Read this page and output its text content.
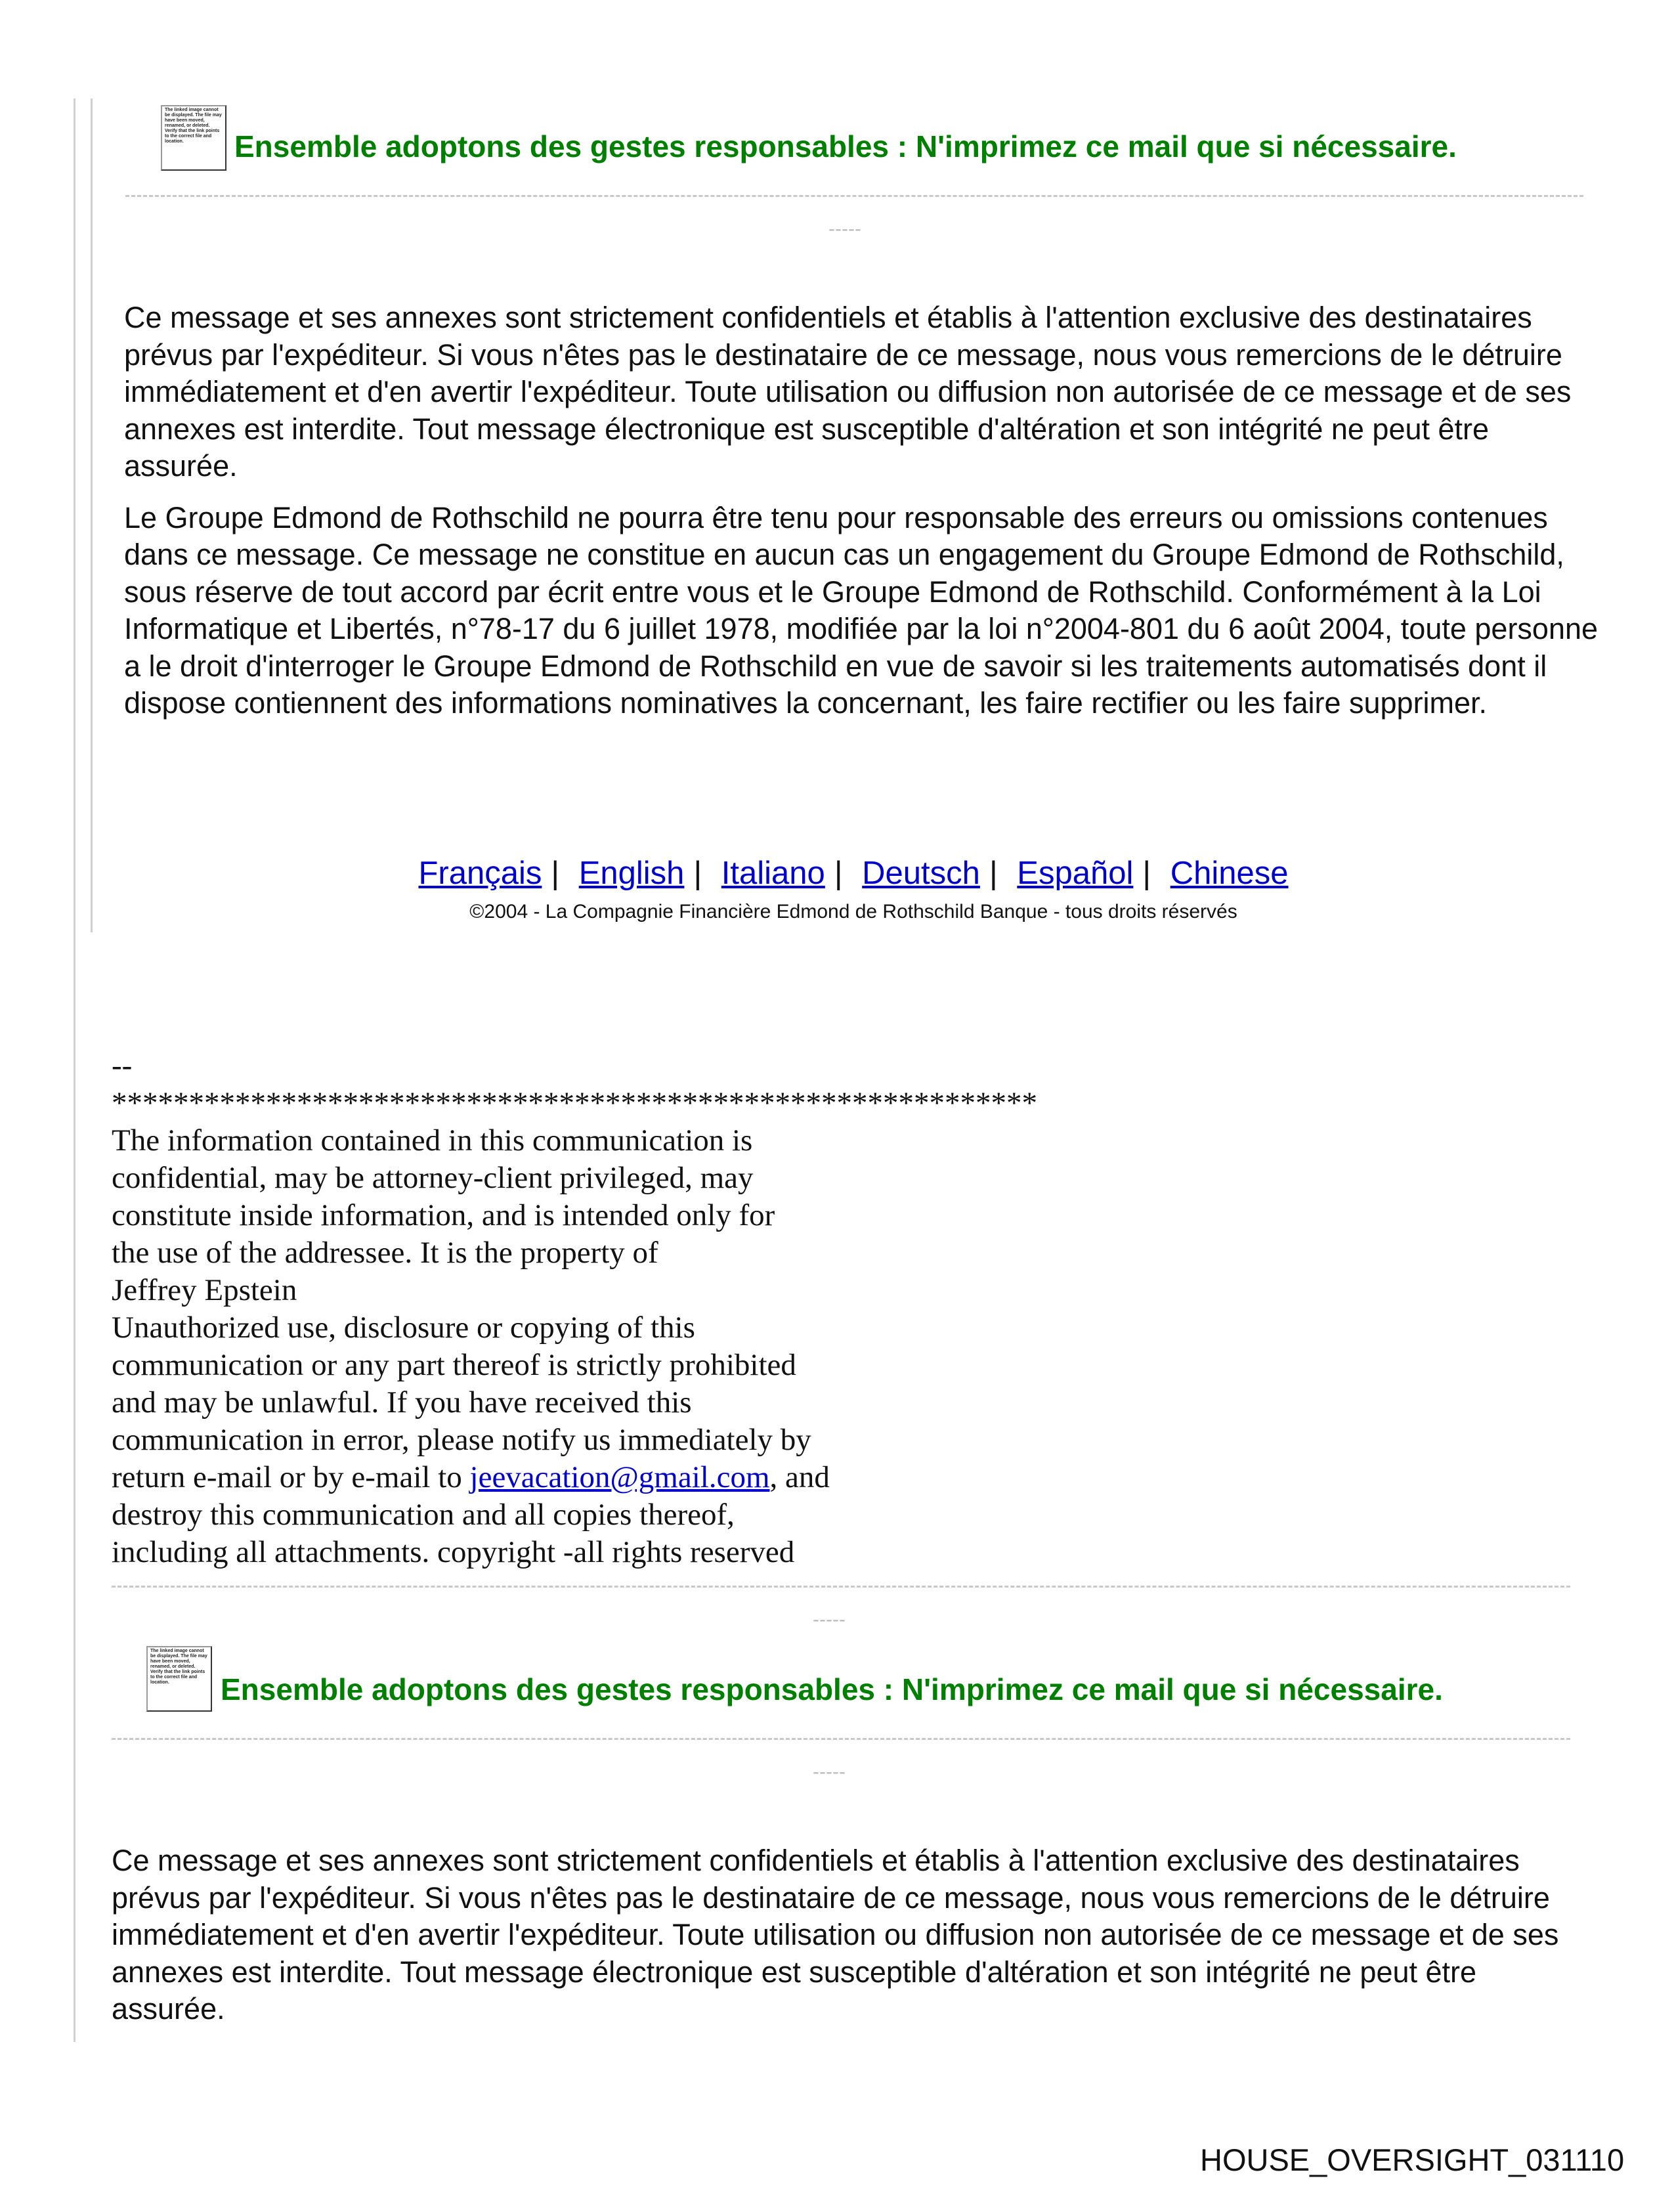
The linked image cannot be displayed. The file may have been moved, renamed, or deleted. Verify that the link points to the correct file and location.	Ensemble adoptons des gestes responsables : N'imprimez ce mail que si nécessaire.
-----

Ce message et ses annexes sont strictement confidentiels et établis à l'attention exclusive des destinataires prévus par l'expéditeur. Si vous n'êtes pas le destinataire de ce message, nous vous remercions de le détruire immédiatement et d'en avertir l'expéditeur. Toute utilisation ou diffusion non autorisée de ce message et de ses annexes est interdite. Tout message électronique est susceptible d'altération et son intégrité ne peut être assurée.

Le Groupe Edmond de Rothschild ne pourra être tenu pour responsable des erreurs ou omissions contenues dans ce message. Ce message ne constitue en aucun cas un engagement du Groupe Edmond de Rothschild, sous réserve de tout accord par écrit entre vous et le Groupe Edmond de Rothschild. Conformément à la Loi Informatique et Libertés, n°78-17 du 6 juillet 1978, modifiée par la loi n°2004-801 du 6 août 2004, toute personne a le droit d'interroger le Groupe Edmond de Rothschild en vue de savoir si les traitements automatisés dont il dispose contiennent des informations nominatives la concernant, les faire rectifier ou les faire supprimer.

Français | English | Italiano | Deutsch | Español | Chinese
©2004 - La Compagnie Financière Edmond de Rothschild Banque - tous droits réservés
--
************************************************************
The information contained in this communication is
confidential, may be attorney-client privileged, may
constitute inside information, and is intended only for
the use of the addressee. It is the property of
Jeffrey Epstein
Unauthorized use, disclosure or copying of this
communication or any part thereof is strictly prohibited
and may be unlawful. If you have received this
communication in error, please notify us immediately by
return e-mail or by e-mail to jeevacation@gmail.com, and
destroy this communication and all copies thereof,
including all attachments. copyright -all rights reserved
-----
The linked image cannot be displayed. The file may have been moved, renamed, or deleted. Verify that the link points to the correct file and location.	Ensemble adoptons des gestes responsables : N'imprimez ce mail que si nécessaire.
-----

Ce message et ses annexes sont strictement confidentiels et établis à l'attention exclusive des destinataires prévus par l'expéditeur. Si vous n'êtes pas le destinataire de ce message, nous vous remercions de le détruire immédiatement et d'en avertir l'expéditeur. Toute utilisation ou diffusion non autorisée de ce message et de ses annexes est interdite. Tout message électronique est susceptible d'altération et son intégrité ne peut être assurée.

HOUSE_OVERSIGHT_031110
